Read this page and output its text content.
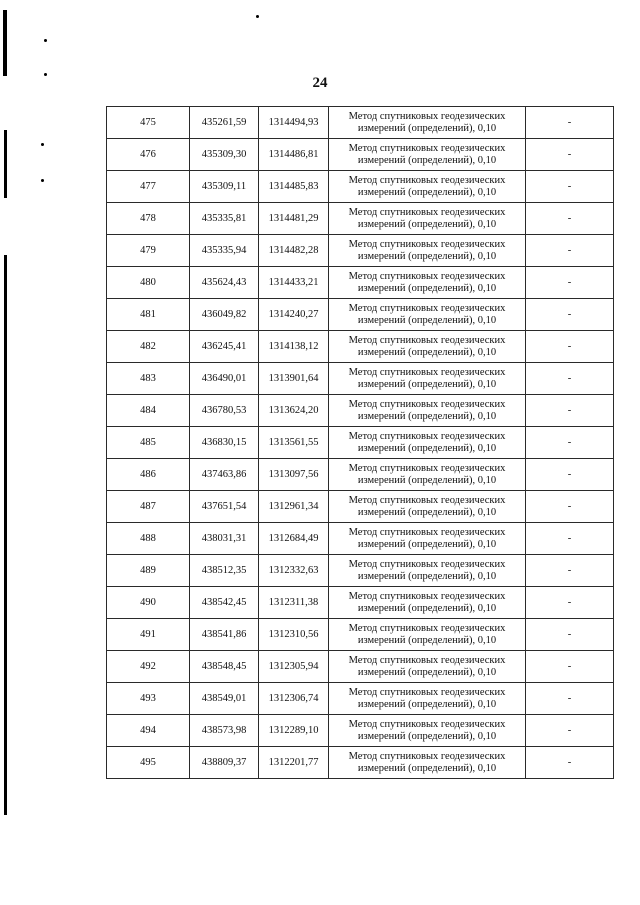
24
475	435261,59	1314494,93	Метод спутниковых геодезических
измерений (определений), 0,10	-
476	435309,30	1314486,81	Метод спутниковых геодезических
измерений (определений), 0,10	-
477	435309,11	1314485,83	Метод спутниковых геодезических
измерений (определений), 0,10	-
478	435335,81	1314481,29	Метод спутниковых геодезических
измерений (определений), 0,10	-
479	435335,94	1314482,28	Метод спутниковых геодезических
измерений (определений), 0,10	-
480	435624,43	1314433,21	Метод спутниковых геодезических
измерений (определений), 0,10	-
481	436049,82	1314240,27	Метод спутниковых геодезических
измерений (определений), 0,10	-
482	436245,41	1314138,12	Метод спутниковых геодезических
измерений (определений), 0,10	-
483	436490,01	1313901,64	Метод спутниковых геодезических
измерений (определений), 0,10	-
484	436780,53	1313624,20	Метод спутниковых геодезических
измерений (определений), 0,10	-
485	436830,15	1313561,55	Метод спутниковых геодезических
измерений (определений), 0,10	-
486	437463,86	1313097,56	Метод спутниковых геодезических
измерений (определений), 0,10	-
487	437651,54	1312961,34	Метод спутниковых геодезических
измерений (определений), 0,10	-
488	438031,31	1312684,49	Метод спутниковых геодезических
измерений (определений), 0,10	-
489	438512,35	1312332,63	Метод спутниковых геодезических
измерений (определений), 0,10	-
490	438542,45	1312311,38	Метод спутниковых геодезических
измерений (определений), 0,10	-
491	438541,86	1312310,56	Метод спутниковых геодезических
измерений (определений), 0,10	-
492	438548,45	1312305,94	Метод спутниковых геодезических
измерений (определений), 0,10	-
493	438549,01	1312306,74	Метод спутниковых геодезических
измерений (определений), 0,10	-
494	438573,98	1312289,10	Метод спутниковых геодезических
измерений (определений), 0,10	-
495	438809,37	1312201,77	Метод спутниковых геодезических
измерений (определений), 0,10	-
